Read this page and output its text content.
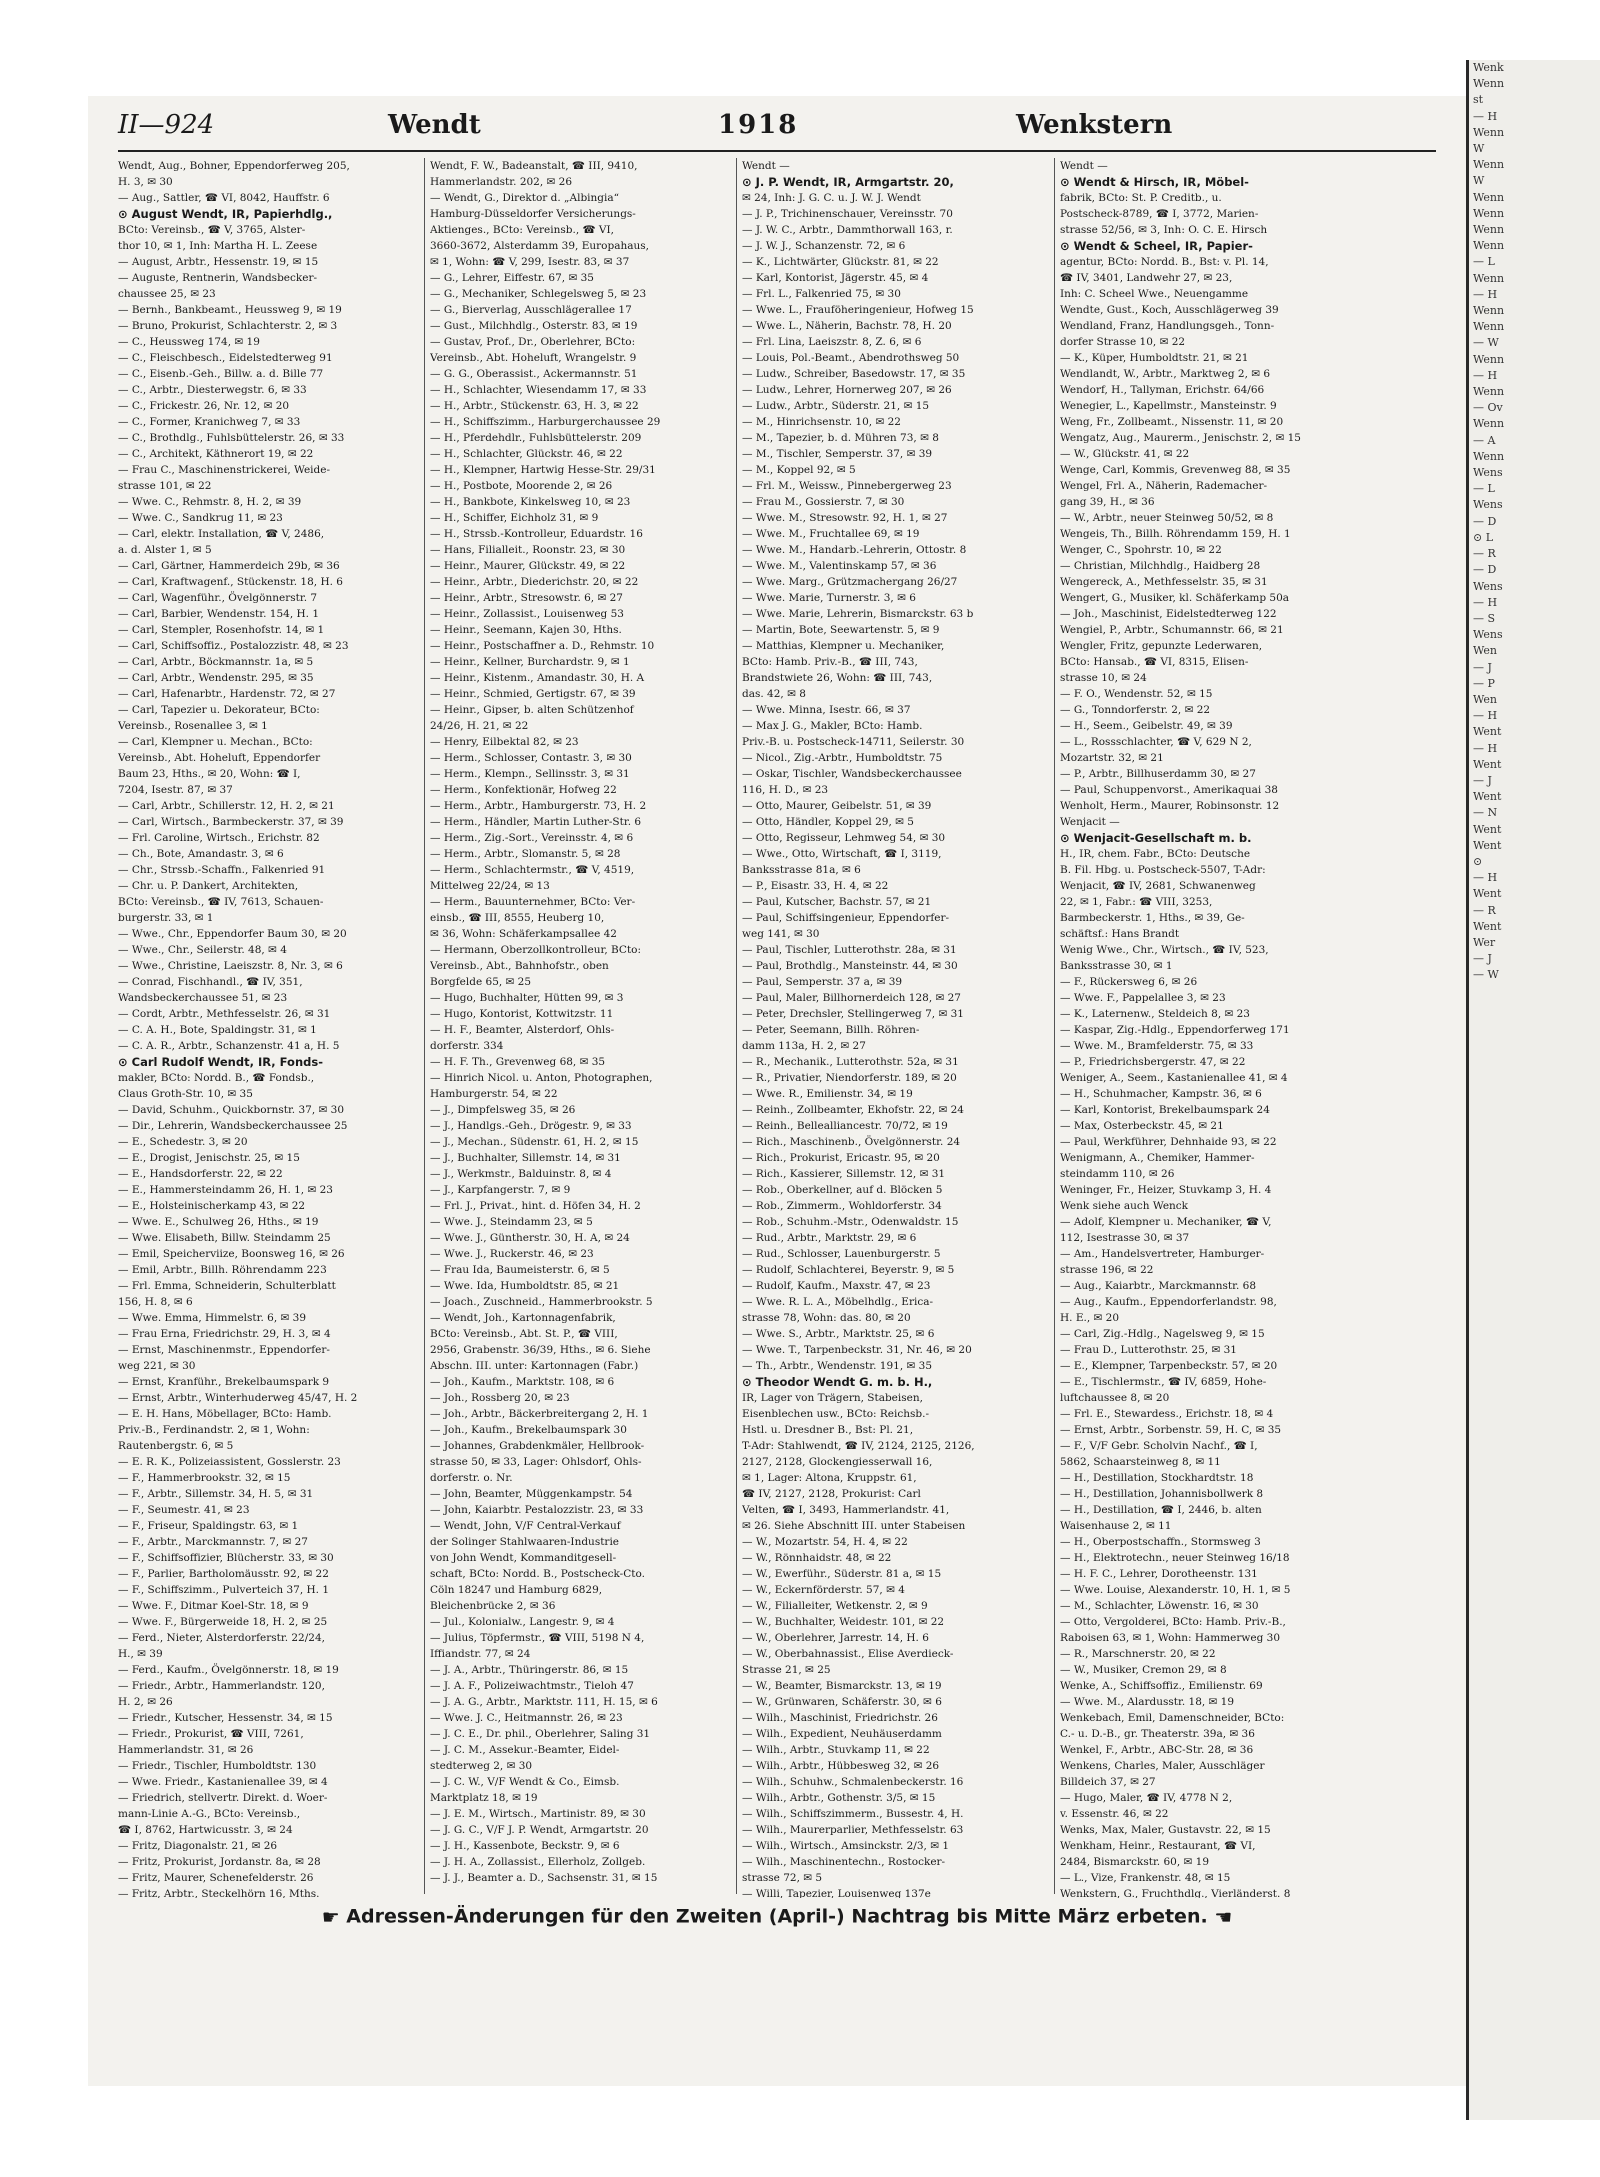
Wenk
Wenn
st
— H
Wenn
W
Wenn
W
Wenn
Wenn
Wenn
Wenn
— L
Wenn
— H
Wenn
Wenn
— W
Wenn
— H
Wenn
— Ov
Wenn
— A
Wenn
Wens
— L
Wens
— D
⊙ L
— R
— D
Wens
— H
— S
Wens
Wen
— J
— P
Wen
— H
Went
— H
Went
— J
Went
— N
Went
Went
⊙
— H
Went
— R
Went
Wer
— J
— W
II—924	Wendt	1918	Wenkstern
Wendt, Aug., Bohner, Eppendorferweg 205,
H. 3, ✉ 30
— Aug., Sattler, ☎ VI, 8042, Hauffstr. 6
⊙ August Wendt, IR, Papierhdlg.,
BCto: Vereinsb., ☎ V, 3765, Alster-
thor 10, ✉ 1, Inh: Martha H. L. Zeese
— August, Arbtr., Hessenstr. 19, ✉ 15
— Auguste, Rentnerin, Wandsbecker-
chaussee 25, ✉ 23
— Bernh., Bankbeamt., Heussweg 9, ✉ 19
— Bruno, Prokurist, Schlachterstr. 2, ✉ 3
— C., Heussweg 174, ✉ 19
— C., Fleischbesch., Eidelstedterweg 91
— C., Eisenb.-Geh., Billw. a. d. Bille 77
— C., Arbtr., Diesterwegstr. 6, ✉ 33
— C., Frickestr. 26, Nr. 12, ✉ 20
— C., Former, Kranichweg 7, ✉ 33
— C., Brothdlg., Fuhlsbüttelerstr. 26, ✉ 33
— C., Architekt, Käthnerort 19, ✉ 22
— Frau C., Maschinenstrickerei, Weide-
strasse 101, ✉ 22
— Wwe. C., Rehmstr. 8, H. 2, ✉ 39
— Wwe. C., Sandkrug 11, ✉ 23
— Carl, elektr. Installation, ☎ V, 2486,
a. d. Alster 1, ✉ 5
— Carl, Gärtner, Hammerdeich 29b, ✉ 36
— Carl, Kraftwagenf., Stückenstr. 18, H. 6
— Carl, Wagenführ., Övelgönnerstr. 7
— Carl, Barbier, Wendenstr. 154, H. 1
— Carl, Stempler, Rosenhofstr. 14, ✉ 1
— Carl, Schiffsoffiz., Postalozzistr. 48, ✉ 23
— Carl, Arbtr., Böckmannstr. 1a, ✉ 5
— Carl, Arbtr., Wendenstr. 295, ✉ 35
— Carl, Hafenarbtr., Hardenstr. 72, ✉ 27
— Carl, Tapezier u. Dekorateur, BCto:
Vereinsb., Rosenallee 3, ✉ 1
— Carl, Klempner u. Mechan., BCto:
Vereinsb., Abt. Hoheluft, Eppendorfer
Baum 23, Hths., ✉ 20, Wohn: ☎ I,
7204, Isestr. 87, ✉ 37
— Carl, Arbtr., Schillerstr. 12, H. 2, ✉ 21
— Carl, Wirtsch., Barmbeckerstr. 37, ✉ 39
— Frl. Caroline, Wirtsch., Erichstr. 82
— Ch., Bote, Amandastr. 3, ✉ 6
— Chr., Strssb.-Schaffn., Falkenried 91
— Chr. u. P. Dankert, Architekten,
BCto: Vereinsb., ☎ IV, 7613, Schauen-
burgerstr. 33, ✉ 1
— Wwe., Chr., Eppendorfer Baum 30, ✉ 20
— Wwe., Chr., Seilerstr. 48, ✉ 4
— Wwe., Christine, Laeiszstr. 8, Nr. 3, ✉ 6
— Conrad, Fischhandl., ☎ IV, 351,
Wandsbeckerchaussee 51, ✉ 23
— Cordt, Arbtr., Methfesselstr. 26, ✉ 31
— C. A. H., Bote, Spaldingstr. 31, ✉ 1
— C. A. R., Arbtr., Schanzenstr. 41 a, H. 5
⊙ Carl Rudolf Wendt, IR, Fonds-
makler, BCto: Nordd. B., ☎ Fondsb.,
Claus Groth-Str. 10, ✉ 35
— David, Schuhm., Quickbornstr. 37, ✉ 30
— Dir., Lehrerin, Wandsbeckerchaussee 25
— E., Schedestr. 3, ✉ 20
— E., Drogist, Jenischstr. 25, ✉ 15
— E., Handsdorferstr. 22, ✉ 22
— E., Hammersteindamm 26, H. 1, ✉ 23
— E., Holsteinischerkamp 43, ✉ 22
— Wwe. E., Schulweg 26, Hths., ✉ 19
— Wwe. Elisabeth, Billw. Steindamm 25
— Emil, Speicherviize, Boonsweg 16, ✉ 26
— Emil, Arbtr., Billh. Röhrendamm 223
— Frl. Emma, Schneiderin, Schulterblatt
156, H. 8, ✉ 6
— Wwe. Emma, Himmelstr. 6, ✉ 39
— Frau Erna, Friedrichstr. 29, H. 3, ✉ 4
— Ernst, Maschinenmstr., Eppendorfer-
weg 221, ✉ 30
— Ernst, Kranführ., Brekelbaumspark 9
— Ernst, Arbtr., Winterhuderweg 45/47, H. 2
— E. H. Hans, Möbellager, BCto: Hamb.
Priv.-B., Ferdinandstr. 2, ✉ 1, Wohn:
Rautenbergstr. 6, ✉ 5
— E. R. K., Polizeiassistent, Gosslerstr. 23
— F., Hammerbrookstr. 32, ✉ 15
— F., Arbtr., Sillemstr. 34, H. 5, ✉ 31
— F., Seumestr. 41, ✉ 23
— F., Friseur, Spaldingstr. 63, ✉ 1
— F., Arbtr., Marckmannstr. 7, ✉ 27
— F., Schiffsoffizier, Blücherstr. 33, ✉ 30
— F., Parlier, Bartholomäusstr. 92, ✉ 22
— F., Schiffszimm., Pulverteich 37, H. 1
— Wwe. F., Ditmar Koel-Str. 18, ✉ 9
— Wwe. F., Bürgerweide 18, H. 2, ✉ 25
— Ferd., Nieter, Alsterdorferstr. 22/24,
H., ✉ 39
— Ferd., Kaufm., Övelgönnerstr. 18, ✉ 19
— Friedr., Arbtr., Hammerlandstr. 120,
H. 2, ✉ 26
— Friedr., Kutscher, Hessenstr. 34, ✉ 15
— Friedr., Prokurist, ☎ VIII, 7261,
Hammerlandstr. 31, ✉ 26
— Friedr., Tischler, Humboldtstr. 130
— Wwe. Friedr., Kastanienallee 39, ✉ 4
— Friedrich, stellvertr. Direkt. d. Woer-
mann-Linie A.-G., BCto: Vereinsb.,
☎ I, 8762, Hartwicusstr. 3, ✉ 24
— Fritz, Diagonalstr. 21, ✉ 26
— Fritz, Prokurist, Jordanstr. 8a, ✉ 28
— Fritz, Maurer, Schenefelderstr. 26
— Fritz, Arbtr., Steckelhörn 16, Mths.
Wendt, F. W., Badeanstalt, ☎ III, 9410,
Hammerlandstr. 202, ✉ 26
— Wendt, G., Direktor d. „Albingia“
Hamburg-Düsseldorfer Versicherungs-
Aktienges., BCto: Vereinsb., ☎ VI,
3660-3672, Alsterdamm 39, Europahaus,
✉ 1, Wohn: ☎ V, 299, Isestr. 83, ✉ 37
— G., Lehrer, Eiffestr. 67, ✉ 35
— G., Mechaniker, Schlegelsweg 5, ✉ 23
— G., Bierverlag, Ausschlägerallee 17
— Gust., Milchhdlg., Osterstr. 83, ✉ 19
— Gustav, Prof., Dr., Oberlehrer, BCto:
Vereinsb., Abt. Hoheluft, Wrangelstr. 9
— G. G., Oberassist., Ackermannstr. 51
— H., Schlachter, Wiesendamm 17, ✉ 33
— H., Arbtr., Stückenstr. 63, H. 3, ✉ 22
— H., Schiffszimm., Harburgerchaussee 29
— H., Pferdehdlr., Fuhlsbüttelerstr. 209
— H., Schlachter, Glückstr. 46, ✉ 22
— H., Klempner, Hartwig Hesse-Str. 29/31
— H., Postbote, Moorende 2, ✉ 26
— H., Bankbote, Kinkelsweg 10, ✉ 23
— H., Schiffer, Eichholz 31, ✉ 9
— H., Strssb.-Kontrolleur, Eduardstr. 16
— Hans, Filialleit., Roonstr. 23, ✉ 30
— Heinr., Maurer, Glückstr. 49, ✉ 22
— Heinr., Arbtr., Diederichstr. 20, ✉ 22
— Heinr., Arbtr., Stresowstr. 6, ✉ 27
— Heinr., Zollassist., Louisenweg 53
— Heinr., Seemann, Kajen 30, Hths.
— Heinr., Postschaffner a. D., Rehmstr. 10
— Heinr., Kellner, Burchardstr. 9, ✉ 1
— Heinr., Kistenm., Amandastr. 30, H. A
— Heinr., Schmied, Gertigstr. 67, ✉ 39
— Heinr., Gipser, b. alten Schützenhof
24/26, H. 21, ✉ 22
— Henry, Eilbektal 82, ✉ 23
— Herm., Schlosser, Contastr. 3, ✉ 30
— Herm., Klempn., Sellinsstr. 3, ✉ 31
— Herm., Konfektionär, Hofweg 22
— Herm., Arbtr., Hamburgerstr. 73, H. 2
— Herm., Händler, Martin Luther-Str. 6
— Herm., Zig.-Sort., Vereinsstr. 4, ✉ 6
— Herm., Arbtr., Slomanstr. 5, ✉ 28
— Herm., Schlachtermstr., ☎ V, 4519,
Mittelweg 22/24, ✉ 13
— Herm., Bauunternehmer, BCto: Ver-
einsb., ☎ III, 8555, Heuberg 10,
✉ 36, Wohn: Schäferkampsallee 42
— Hermann, Oberzollkontrolleur, BCto:
Vereinsb., Abt., Bahnhofstr., oben
Borgfelde 65, ✉ 25
— Hugo, Buchhalter, Hütten 99, ✉ 3
— Hugo, Kontorist, Kottwitzstr. 11
— H. F., Beamter, Alsterdorf, Ohls-
dorferstr. 334
— H. F. Th., Grevenweg 68, ✉ 35
— Hinrich Nicol. u. Anton, Photographen,
Hamburgerstr. 54, ✉ 22
— J., Dimpfelsweg 35, ✉ 26
— J., Handlgs.-Geh., Drögestr. 9, ✉ 33
— J., Mechan., Südenstr. 61, H. 2, ✉ 15
— J., Buchhalter, Sillemstr. 14, ✉ 31
— J., Werkmstr., Balduinstr. 8, ✉ 4
— J., Karpfangerstr. 7, ✉ 9
— Frl. J., Privat., hint. d. Höfen 34, H. 2
— Wwe. J., Steindamm 23, ✉ 5
— Wwe. J., Güntherstr. 30, H. A, ✉ 24
— Wwe. J., Ruckerstr. 46, ✉ 23
— Frau Ida, Baumeisterstr. 6, ✉ 5
— Wwe. Ida, Humboldtstr. 85, ✉ 21
— Joach., Zuschneid., Hammerbrookstr. 5
— Wendt, Joh., Kartonnagenfabrik,
BCto: Vereinsb., Abt. St. P., ☎ VIII,
2956, Grabenstr. 36/39, Hths., ✉ 6. Siehe
Abschn. III. unter: Kartonnagen (Fabr.)
— Joh., Kaufm., Marktstr. 108, ✉ 6
— Joh., Rossberg 20, ✉ 23
— Joh., Arbtr., Bäckerbreitergang 2, H. 1
— Joh., Kaufm., Brekelbaumspark 30
— Johannes, Grabdenkmäler, Hellbrook-
strasse 50, ✉ 33, Lager: Ohlsdorf, Ohls-
dorferstr. o. Nr.
— John, Beamter, Müggenkampstr. 54
— John, Kaiarbtr. Pestalozzistr. 23, ✉ 33
— Wendt, John, V/F Central-Verkauf
der Solinger Stahlwaaren-Industrie
von John Wendt, Kommanditgesell-
schaft, BCto: Nordd. B., Postscheck-Cto.
Cöln 18247 und Hamburg 6829,
Bleichenbrücke 2, ✉ 36
— Jul., Kolonialw., Langestr. 9, ✉ 4
— Julius, Töpfermstr., ☎ VIII, 5198 N 4,
Iffiandstr. 77, ✉ 24
— J. A., Arbtr., Thüringerstr. 86, ✉ 15
— J. A. F., Polizeiwachtmstr., Tieloh 47
— J. A. G., Arbtr., Marktstr. 111, H. 15, ✉ 6
— Wwe. J. C., Heitmannstr. 26, ✉ 23
— J. C. E., Dr. phil., Oberlehrer, Saling 31
— J. C. M., Assekur.-Beamter, Eidel-
stedterweg 2, ✉ 30
— J. C. W., V/F Wendt & Co., Eimsb.
Marktplatz 18, ✉ 19
— J. E. M., Wirtsch., Martinistr. 89, ✉ 30
— J. G. C., V/F J. P. Wendt, Armgartstr. 20
— J. H., Kassenbote, Beckstr. 9, ✉ 6
— J. H. A., Zollassist., Ellerholz, Zollgeb.
— J. J., Beamter a. D., Sachsenstr. 31, ✉ 15
Wendt —
⊙ J. P. Wendt, IR, Armgartstr. 20,
✉ 24, Inh: J. G. C. u. J. W. J. Wendt
— J. P., Trichinenschauer, Vereinsstr. 70
— J. W. C., Arbtr., Dammthorwall 163, r.
— J. W. J., Schanzenstr. 72, ✉ 6
— K., Lichtwärter, Glückstr. 81, ✉ 22
— Karl, Kontorist, Jägerstr. 45, ✉ 4
— Frl. L., Falkenried 75, ✉ 30
— Wwe. L., Frauföheringenieur, Hofweg 15
— Wwe. L., Näherin, Bachstr. 78, H. 20
— Frl. Lina, Laeiszstr. 8, Z. 6, ✉ 6
— Louis, Pol.-Beamt., Abendrothsweg 50
— Ludw., Schreiber, Basedowstr. 17, ✉ 35
— Ludw., Lehrer, Hornerweg 207, ✉ 26
— Ludw., Arbtr., Süderstr. 21, ✉ 15
— M., Hinrichsenstr. 10, ✉ 22
— M., Tapezier, b. d. Mühren 73, ✉ 8
— M., Tischler, Semperstr. 37, ✉ 39
— M., Koppel 92, ✉ 5
— Frl. M., Weissw., Pinnebergerweg 23
— Frau M., Gossierstr. 7, ✉ 30
— Wwe. M., Stresowstr. 92, H. 1, ✉ 27
— Wwe. M., Fruchtallee 69, ✉ 19
— Wwe. M., Handarb.-Lehrerin, Ottostr. 8
— Wwe. M., Valentinskamp 57, ✉ 36
— Wwe. Marg., Grützmachergang 26/27
— Wwe. Marie, Turnerstr. 3, ✉ 6
— Wwe. Marie, Lehrerin, Bismarckstr. 63 b
— Martin, Bote, Seewartenstr. 5, ✉ 9
— Matthias, Klempner u. Mechaniker,
BCto: Hamb. Priv.-B., ☎ III, 743,
Brandstwiete 26, Wohn: ☎ III, 743,
das. 42, ✉ 8
— Wwe. Minna, Isestr. 66, ✉ 37
— Max J. G., Makler, BCto: Hamb.
Priv.-B. u. Postscheck-14711, Seilerstr. 30
— Nicol., Zig.-Arbtr., Humboldtstr. 75
— Oskar, Tischler, Wandsbeckerchaussee
116, H. D., ✉ 23
— Otto, Maurer, Geibelstr. 51, ✉ 39
— Otto, Händler, Koppel 29, ✉ 5
— Otto, Regisseur, Lehmweg 54, ✉ 30
— Wwe., Otto, Wirtschaft, ☎ I, 3119,
Banksstrasse 81a, ✉ 6
— P., Eisastr. 33, H. 4, ✉ 22
— Paul, Kutscher, Bachstr. 57, ✉ 21
— Paul, Schiffsingenieur, Eppendorfer-
weg 141, ✉ 30
— Paul, Tischler, Lutterothstr. 28a, ✉ 31
— Paul, Brothdlg., Mansteinstr. 44, ✉ 30
— Paul, Semperstr. 37 a, ✉ 39
— Paul, Maler, Billhornerdeich 128, ✉ 27
— Peter, Drechsler, Stellingerweg 7, ✉ 31
— Peter, Seemann, Billh. Röhren-
damm 113a, H. 2, ✉ 27
— R., Mechanik., Lutterothstr. 52a, ✉ 31
— R., Privatier, Niendorferstr. 189, ✉ 20
— Wwe. R., Emilienstr. 34, ✉ 19
— Reinh., Zollbeamter, Ekhofstr. 22, ✉ 24
— Reinh., Bellealliancestr. 70/72, ✉ 19
— Rich., Maschinenb., Övelgönnerstr. 24
— Rich., Prokurist, Ericastr. 95, ✉ 20
— Rich., Kassierer, Sillemstr. 12, ✉ 31
— Rob., Oberkellner, auf d. Blöcken 5
— Rob., Zimmerm., Wohldorferstr. 34
— Rob., Schuhm.-Mstr., Odenwaldstr. 15
— Rud., Arbtr., Marktstr. 29, ✉ 6
— Rud., Schlosser, Lauenburgerstr. 5
— Rudolf, Schlachterei, Beyerstr. 9, ✉ 5
— Rudolf, Kaufm., Maxstr. 47, ✉ 23
— Wwe. R. L. A., Möbelhdlg., Erica-
strasse 78, Wohn: das. 80, ✉ 20
— Wwe. S., Arbtr., Marktstr. 25, ✉ 6
— Wwe. T., Tarpenbeckstr. 31, Nr. 46, ✉ 20
— Th., Arbtr., Wendenstr. 191, ✉ 35
⊙ Theodor Wendt G. m. b. H.,
IR, Lager von Trägern, Stabeisen,
Eisenblechen usw., BCto: Reichsb.-
Hstl. u. Dresdner B., Bst: Pl. 21,
T-Adr: Stahlwendt, ☎ IV, 2124, 2125, 2126,
2127, 2128, Glockengiesserwall 16,
✉ 1, Lager: Altona, Kruppstr. 61,
☎ IV, 2127, 2128, Prokurist: Carl
Velten, ☎ I, 3493, Hammerlandstr. 41,
✉ 26. Siehe Abschnitt III. unter Stabeisen
— W., Mozartstr. 54, H. 4, ✉ 22
— W., Rönnhaidstr. 48, ✉ 22
— W., Ewerführ., Süderstr. 81 a, ✉ 15
— W., Eckernförderstr. 57, ✉ 4
— W., Filialleiter, Wetkenstr. 2, ✉ 9
— W., Buchhalter, Weidestr. 101, ✉ 22
— W., Oberlehrer, Jarrestr. 14, H. 6
— W., Oberbahnassist., Elise Averdieck-
Strasse 21, ✉ 25
— W., Beamter, Bismarckstr. 13, ✉ 19
— W., Grünwaren, Schäferstr. 30, ✉ 6
— Wilh., Maschinist, Friedrichstr. 26
— Wilh., Expedient, Neuhäuserdamm
— Wilh., Arbtr., Stuvkamp 11, ✉ 22
— Wilh., Arbtr., Hübbesweg 32, ✉ 26
— Wilh., Schuhw., Schmalenbeckerstr. 16
— Wilh., Arbtr., Gothenstr. 3/5, ✉ 15
— Wilh., Schiffszimmerm., Bussestr. 4, H.
— Wilh., Maurerparlier, Methfesselstr. 63
— Wilh., Wirtsch., Amsinckstr. 2/3, ✉ 1
— Wilh., Maschinentechn., Rostocker-
strasse 72, ✉ 5
— Willi, Tapezier, Louisenweg 137e
Wendt —
⊙ Wendt & Hirsch, IR, Möbel-
fabrik, BCto: St. P. Creditb., u.
Postscheck-8789, ☎ I, 3772, Marien-
strasse 52/56, ✉ 3, Inh: O. C. E. Hirsch
⊙ Wendt & Scheel, IR, Papier-
agentur, BCto: Nordd. B., Bst: v. Pl. 14,
☎ IV, 3401, Landwehr 27, ✉ 23,
Inh: C. Scheel Wwe., Neuengamme
Wendte, Gust., Koch, Ausschlägerweg 39
Wendland, Franz, Handlungsgeh., Tonn-
dorfer Strasse 10, ✉ 22
— K., Küper, Humboldtstr. 21, ✉ 21
Wendlandt, W., Arbtr., Marktweg 2, ✉ 6
Wendorf, H., Tallyman, Erichstr. 64/66
Wenegier, L., Kapellmstr., Mansteinstr. 9
Weng, Fr., Zollbeamt., Nissenstr. 11, ✉ 20
Wengatz, Aug., Maurerm., Jenischstr. 2, ✉ 15
— W., Glückstr. 41, ✉ 22
Wenge, Carl, Kommis, Grevenweg 88, ✉ 35
Wengel, Frl. A., Näherin, Rademacher-
gang 39, H., ✉ 36
— W., Arbtr., neuer Steinweg 50/52, ✉ 8
Wengeis, Th., Billh. Röhrendamm 159, H. 1
Wenger, C., Spohrstr. 10, ✉ 22
— Christian, Milchhdlg., Haidberg 28
Wengereck, A., Methfesselstr. 35, ✉ 31
Wengert, G., Musiker, kl. Schäferkamp 50a
— Joh., Maschinist, Eidelstedterweg 122
Wengiel, P., Arbtr., Schumannstr. 66, ✉ 21
Wengler, Fritz, gepunzte Lederwaren,
BCto: Hansab., ☎ VI, 8315, Elisen-
strasse 10, ✉ 24
— F. O., Wendenstr. 52, ✉ 15
— G., Tonndorferstr. 2, ✉ 22
— H., Seem., Geibelstr. 49, ✉ 39
— L., Rossschlachter, ☎ V, 629 N 2,
Mozartstr. 32, ✉ 21
— P., Arbtr., Billhuserdamm 30, ✉ 27
— Paul, Schuppenvorst., Amerikaquai 38
Wenholt, Herm., Maurer, Robinsonstr. 12
Wenjacit —
⊙ Wenjacit-Gesellschaft m. b.
H., IR, chem. Fabr., BCto: Deutsche
B. Fil. Hbg. u. Postscheck-5507, T-Adr:
Wenjacit, ☎ IV, 2681, Schwanenweg
22, ✉ 1, Fabr.: ☎ VIII, 3253,
Barmbeckerstr. 1, Hths., ✉ 39, Ge-
schäftsf.: Hans Brandt
Wenig Wwe., Chr., Wirtsch., ☎ IV, 523,
Banksstrasse 30, ✉ 1
— F., Rückersweg 6, ✉ 26
— Wwe. F., Pappelallee 3, ✉ 23
— K., Laternenw., Steldeich 8, ✉ 23
— Kaspar, Zig.-Hdlg., Eppendorferweg 171
— Wwe. M., Bramfelderstr. 75, ✉ 33
— P., Friedrichsbergerstr. 47, ✉ 22
Weniger, A., Seem., Kastanienallee 41, ✉ 4
— H., Schuhmacher, Kampstr. 36, ✉ 6
— Karl, Kontorist, Brekelbaumspark 24
— Max, Osterbeckstr. 45, ✉ 21
— Paul, Werkführer, Dehnhaide 93, ✉ 22
Wenigmann, A., Chemiker, Hammer-
steindamm 110, ✉ 26
Weninger, Fr., Heizer, Stuvkamp 3, H. 4
Wenk siehe auch Wenck
— Adolf, Klempner u. Mechaniker, ☎ V,
112, Isestrasse 30, ✉ 37
— Am., Handelsvertreter, Hamburger-
strasse 196, ✉ 22
— Aug., Kaiarbtr., Marckmannstr. 68
— Aug., Kaufm., Eppendorferlandstr. 98,
H. E., ✉ 20
— Carl, Zig.-Hdlg., Nagelsweg 9, ✉ 15
— Frau D., Lutterothstr. 25, ✉ 31
— E., Klempner, Tarpenbeckstr. 57, ✉ 20
— E., Tischlermstr., ☎ IV, 6859, Hohe-
luftchaussee 8, ✉ 20
— Frl. E., Stewardess., Erichstr. 18, ✉ 4
— Ernst, Arbtr., Sorbenstr. 59, H. C, ✉ 35
— F., V/F Gebr. Scholvin Nachf., ☎ I,
5862, Schaarsteinweg 8, ✉ 11
— H., Destillation, Stockhardtstr. 18
— H., Destillation, Johannisbollwerk 8
— H., Destillation, ☎ I, 2446, b. alten
Waisenhause 2, ✉ 11
— H., Oberpostschaffn., Stormsweg 3
— H., Elektrotechn., neuer Steinweg 16/18
— H. F. C., Lehrer, Dorotheenstr. 131
— Wwe. Louise, Alexanderstr. 10, H. 1, ✉ 5
— M., Schlachter, Löwenstr. 16, ✉ 30
— Otto, Vergolderei, BCto: Hamb. Priv.-B.,
Raboisen 63, ✉ 1, Wohn: Hammerweg 30
— R., Marschnerstr. 20, ✉ 22
— W., Musiker, Cremon 29, ✉ 8
Wenke, A., Schiffsoffiz., Emilienstr. 69
— Wwe. M., Alardusstr. 18, ✉ 19
Wenkebach, Emil, Damenschneider, BCto:
C.- u. D.-B., gr. Theaterstr. 39a, ✉ 36
Wenkel, F., Arbtr., ABC-Str. 28, ✉ 36
Wenkens, Charles, Maler, Ausschläger
Billdeich 37, ✉ 27
— Hugo, Maler, ☎ IV, 4778 N 2,
v. Essenstr. 46, ✉ 22
Wenks, Max, Maler, Gustavstr. 22, ✉ 15
Wenkham, Heinr., Restaurant, ☎ VI,
2484, Bismarckstr. 60, ✉ 19
— L., Vize, Frankenstr. 48, ✉ 15
Wenkstern, G., Fruchthdlg., Vierländerst. 8
☛ Adressen-Änderungen für den Zweiten (April-) Nachtrag bis Mitte März erbeten. ☚
